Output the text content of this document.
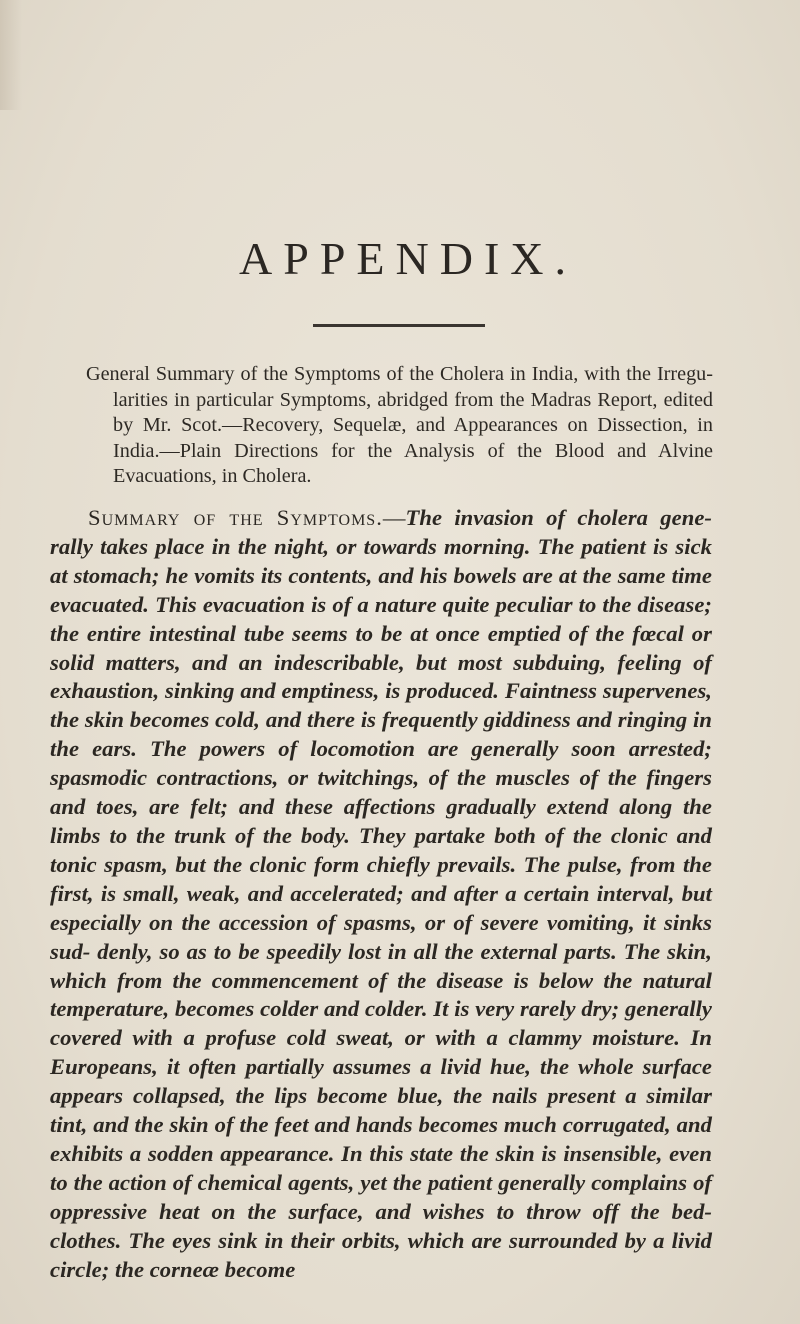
APPENDIX.

General Summary of the Symptoms of the Cholera in India, with the Irregu- larities in particular Symptoms, abridged from the Madras Report, edited by Mr. Scot.—Recovery, Sequelæ, and Appearances on Dissection, in India.—Plain Directions for the Analysis of the Blood and Alvine Evacuations, in Cholera.

Summary of the Symptoms.—The invasion of cholera gene- rally takes place in the night, or towards morning. The patient is sick at stomach; he vomits its contents, and his bowels are at the same time evacuated. This evacuation is of a nature quite peculiar to the disease; the entire intestinal tube seems to be at once emptied of the fœcal or solid matters, and an indescribable, but most subduing, feeling of exhaustion, sinking and emptiness, is produced. Faintness supervenes, the skin becomes cold, and there is frequently giddiness and ringing in the ears. The powers of locomotion are generally soon arrested; spasmodic contractions, or twitchings, of the muscles of the fingers and toes, are felt; and these affections gradually extend along the limbs to the trunk of the body. They partake both of the clonic and tonic spasm, but the clonic form chiefly prevails. The pulse, from the first, is small, weak, and accelerated; and after a certain interval, but especially on the accession of spasms, or of severe vomiting, it sinks sud- denly, so as to be speedily lost in all the external parts. The skin, which from the commencement of the disease is below the natural temperature, becomes colder and colder. It is very rarely dry; generally covered with a profuse cold sweat, or with a clammy moisture. In Europeans, it often partially assumes a livid hue, the whole surface appears collapsed, the lips become blue, the nails present a similar tint, and the skin of the feet and hands becomes much corrugated, and exhibits a sodden appearance. In this state the skin is insensible, even to the action of chemical agents, yet the patient generally complains of oppressive heat on the surface, and wishes to throw off the bed-clothes. The eyes sink in their orbits, which are surrounded by a livid circle; the corneæ become
